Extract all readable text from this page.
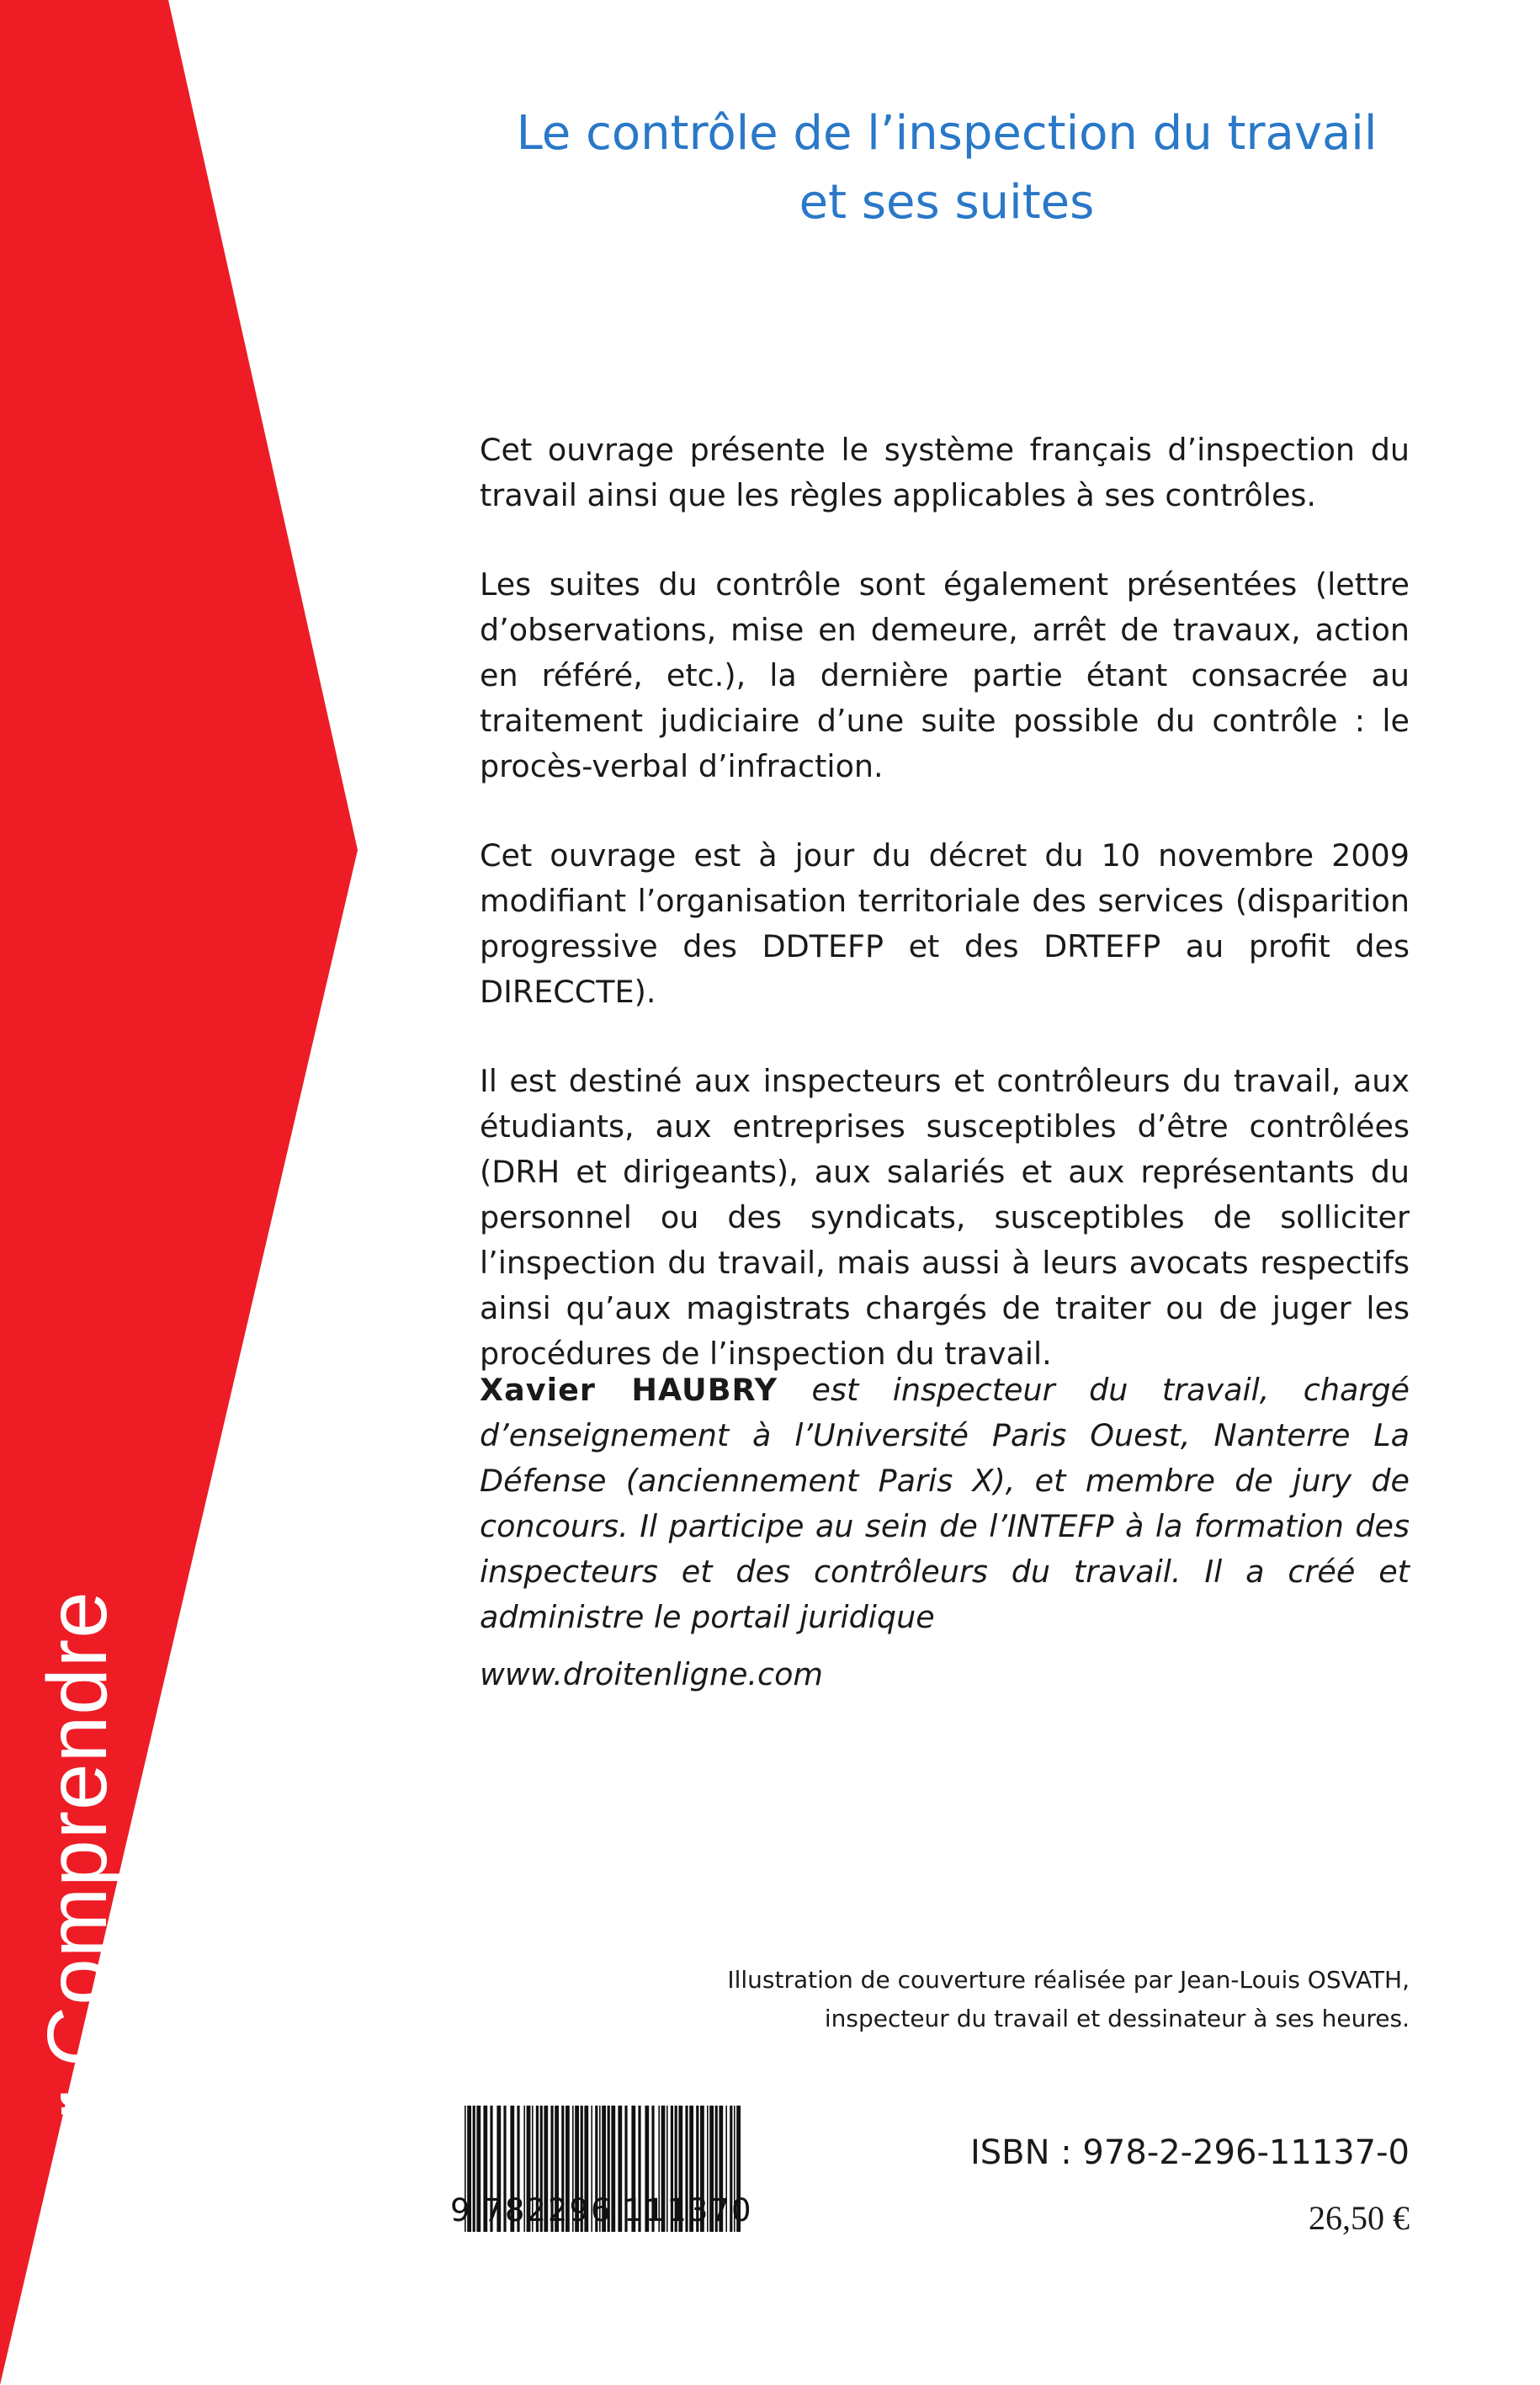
Pour Comprendre
Le contrôle de l’inspection du travail
et ses suites

Cet ouvrage présente le système français d’inspection du travail ainsi que les règles applicables à ses contrôles.

Les suites du contrôle sont également présentées (lettre d’observations, mise en demeure, arrêt de travaux, action en référé, etc.), la dernière partie étant consacrée au traitement judiciaire d’une suite possible du contrôle : le procès-verbal d’infraction.

Cet ouvrage est à jour du décret du 10 novembre 2009 modifiant l’organisation territoriale des services (disparition progressive des DDTEFP et des DRTEFP au profit des DIRECCTE).

Il est destiné aux inspecteurs et contrôleurs du travail, aux étudiants, aux entreprises susceptibles d’être contrôlées (DRH et dirigeants), aux salariés et aux représentants du personnel ou des syndicats, susceptibles de solliciter l’inspection du travail, mais aussi à leurs avocats respectifs ainsi qu’aux magistrats chargés de traiter ou de juger les procédures de l’inspection du travail.

Xavier HAUBRY est inspecteur du travail, chargé d’enseignement à l’Université Paris Ouest, Nanterre La Défense (anciennement Paris X), et membre de jury de concours. Il participe au sein de l’INTEFP à la formation des inspecteurs et des contrôleurs du travail. Il a créé et administre le portail juridique

www.droitenligne.com
Illustration de couverture réalisée par Jean-Louis OSVATH,
inspecteur du travail et dessinateur à ses heures.
9 782296 111370
ISBN : 978-2-296-11137-0
26,50 €
